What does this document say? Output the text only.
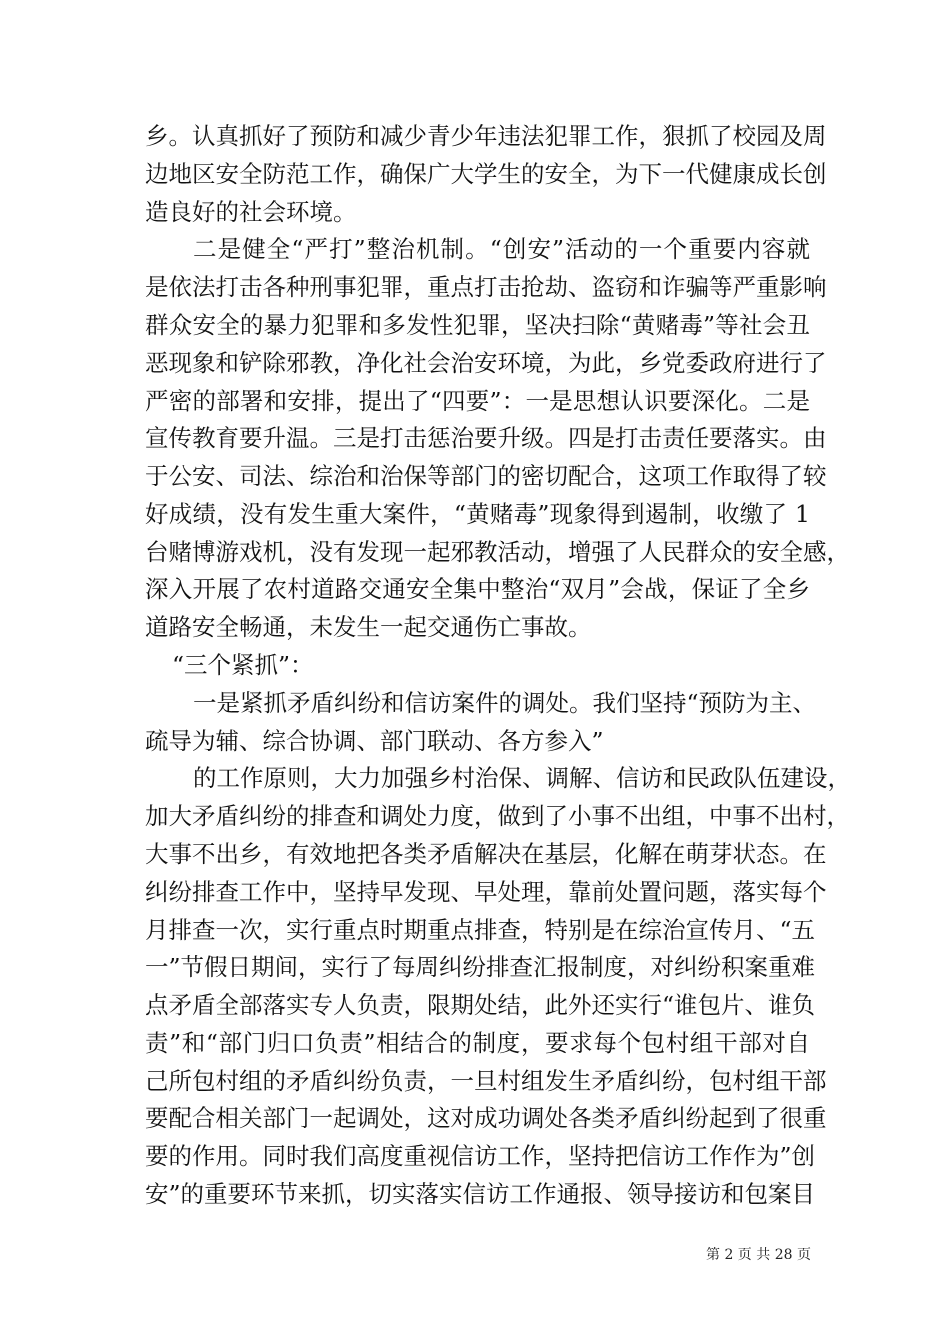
乡。认真抓好了预防和减少青少年违法犯罪工作，狠抓了校园及周
边地区安全防范工作，确保广大学生的安全，为下一代健康成长创
造良好的社会环境。
二是健全“严打”整治机制。“创安”活动的一个重要内容就
是依法打击各种刑事犯罪，重点打击抢劫、盗窃和诈骗等严重影响
群众安全的暴力犯罪和多发性犯罪，坚决扫除“黄赌毒”等社会丑
恶现象和铲除邪教，净化社会治安环境，为此，乡党委政府进行了
严密的部署和安排，提出了“四要”：一是思想认识要深化。二是
宣传教育要升温。三是打击惩治要升级。四是打击责任要落实。由
于公安、司法、综治和治保等部门的密切配合，这项工作取得了较
好成绩，没有发生重大案件，“黄赌毒”现象得到遏制，收缴了 1
台赌博游戏机，没有发现一起邪教活动，增强了人民群众的安全感，
深入开展了农村道路交通安全集中整治“双月”会战，保证了全乡
道路安全畅通，未发生一起交通伤亡事故。
“三个紧抓”：
一是紧抓矛盾纠纷和信访案件的调处。我们坚持“预防为主、
疏导为辅、综合协调、部门联动、各方参入”
的工作原则，大力加强乡村治保、调解、信访和民政队伍建设，
加大矛盾纠纷的排查和调处力度，做到了小事不出组，中事不出村，
大事不出乡，有效地把各类矛盾解决在基层，化解在萌芽状态。在
纠纷排查工作中，坚持早发现、早处理，靠前处置问题，落实每个
月排查一次，实行重点时期重点排查，特别是在综治宣传月、“五
一”节假日期间，实行了每周纠纷排查汇报制度，对纠纷积案重难
点矛盾全部落实专人负责，限期处结，此外还实行“谁包片、谁负
责”和“部门归口负责”相结合的制度，要求每个包村组干部对自
己所包村组的矛盾纠纷负责，一旦村组发生矛盾纠纷，包村组干部
要配合相关部门一起调处，这对成功调处各类矛盾纠纷起到了很重
要的作用。同时我们高度重视信访工作，坚持把信访工作作为”创
安”的重要环节来抓，切实落实信访工作通报、领导接访和包案目
第 2 页 共 28 页
